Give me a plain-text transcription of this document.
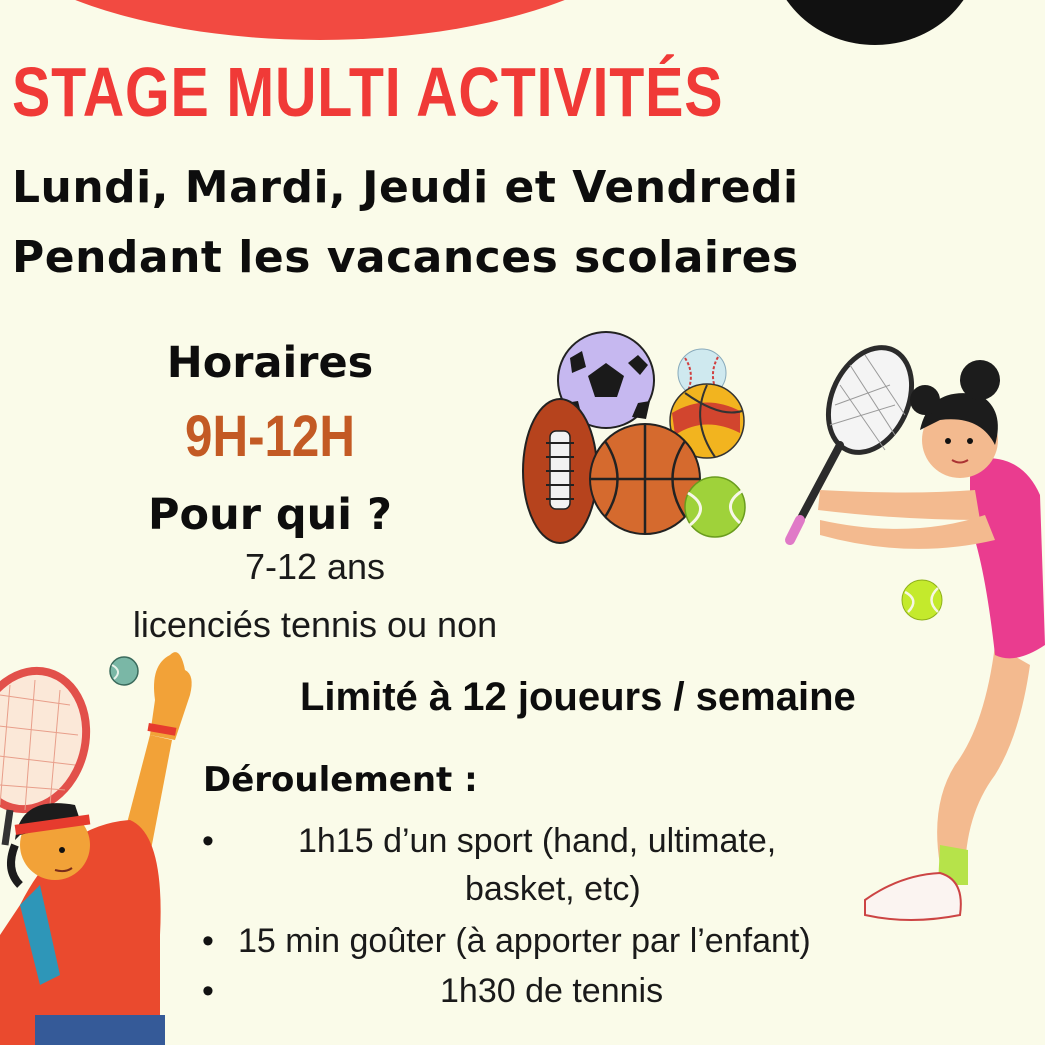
STAGE MULTI ACTIVITÉS
Lundi, Mardi, Jeudi et Vendredi
Pendant les vacances scolaires
Horaires
9H-12H
Pour qui ?
7-12 ans
licenciés tennis ou non
Limité à 12 joueurs / semaine
Déroulement :
• 1h15 d’un sport (hand, ultimate,
basket, etc)
• 15 min goûter (à apporter par l’enfant)
•	1h30 de tennis
